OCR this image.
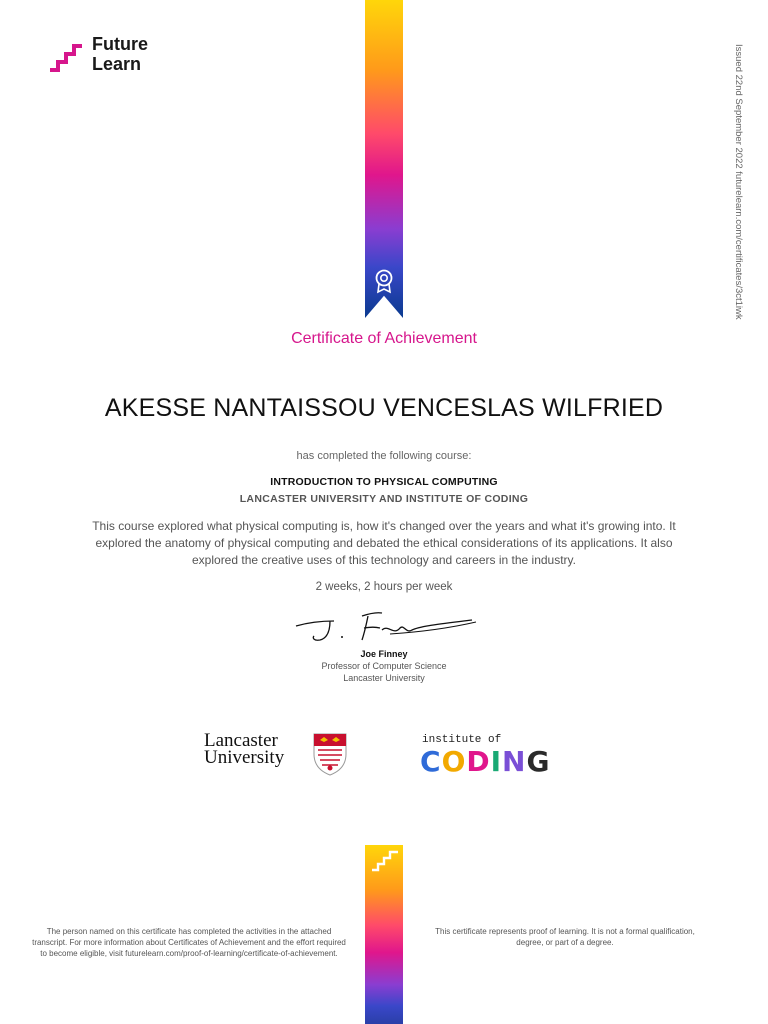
Future
Learn	Issued 22nd September 2022 futurelearn.com/certificates/3ct1iwk
Certificate of Achievement
AKESSE NANTAISSOU VENCESLAS WILFRIED
has completed the following course:
INTRODUCTION TO PHYSICAL COMPUTING
LANCASTER UNIVERSITY AND INSTITUTE OF CODING
This course explored what physical computing is, how it's changed over the years and what it's growing into. It explored the anatomy of physical computing and debated the ethical considerations of its applications. It also explored the creative uses of this technology and careers in the industry.
2 weeks, 2 hours per week
Joe Finney
Professor of Computer Science
Lancaster University
Lancaster
University
institute of
CODING
The person named on this certificate has completed the activities in the attached transcript. For more information about Certificates of Achievement and the effort required to become eligible, visit futurelearn.com/proof-of-learning/certificate-of-achievement.
This certificate represents proof of learning. It is not a formal qualification, degree, or part of a degree.
